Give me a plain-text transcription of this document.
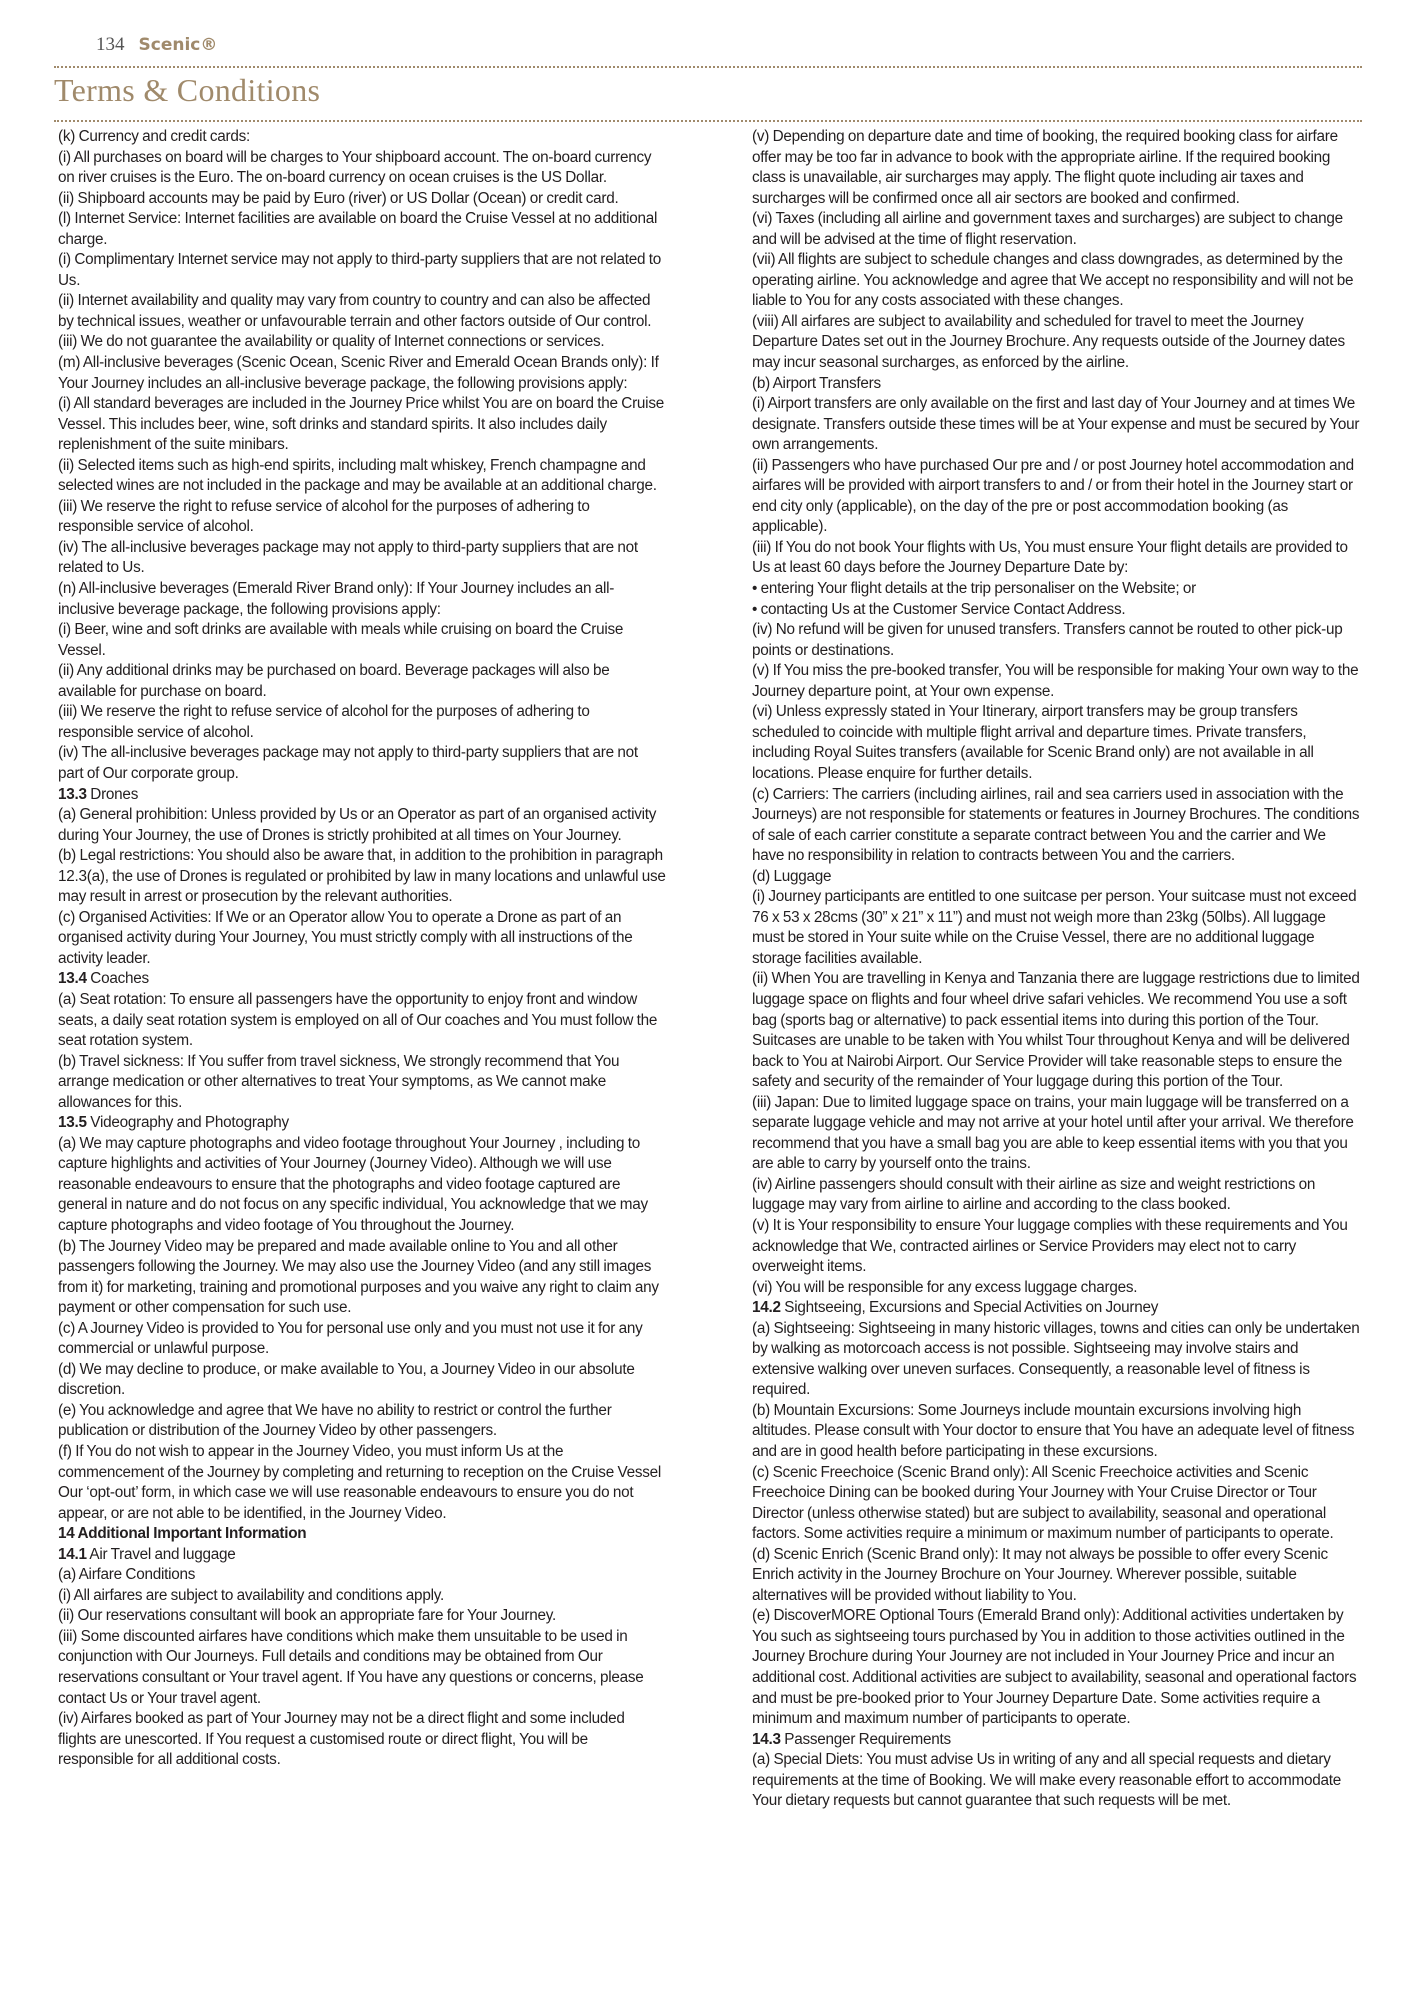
134 Scenic®
Terms & Conditions

(k) Currency and credit cards:

(i) All purchases on board will be charges to Your shipboard account. The on-board currency on river cruises is the Euro. The on-board currency on ocean cruises is the US Dollar.

(ii) Shipboard accounts may be paid by Euro (river) or US Dollar (Ocean) or credit card.

(l) Internet Service: Internet facilities are available on board the Cruise Vessel at no additional charge.

(i) Complimentary Internet service may not apply to third-party suppliers that are not related to Us.

(ii) Internet availability and quality may vary from country to country and can also be affected by technical issues, weather or unfavourable terrain and other factors outside of Our control.

(iii) We do not guarantee the availability or quality of Internet connections or services.

(m) All-inclusive beverages (Scenic Ocean, Scenic River and Emerald Ocean Brands only): If Your Journey includes an all-inclusive beverage package, the following provisions apply:

(i) All standard beverages are included in the Journey Price whilst You are on board the Cruise Vessel. This includes beer, wine, soft drinks and standard spirits. It also includes daily replenishment of the suite minibars.

(ii) Selected items such as high-end spirits, including malt whiskey, French champagne and selected wines are not included in the package and may be available at an additional charge.

(iii) We reserve the right to refuse service of alcohol for the purposes of adhering to responsible service of alcohol.

(iv) The all-inclusive beverages package may not apply to third-party suppliers that are not related to Us.

(n) All-inclusive beverages (Emerald River Brand only): If Your Journey includes an all-inclusive beverage package, the following provisions apply:

(i) Beer, wine and soft drinks are available with meals while cruising on board the Cruise Vessel.

(ii) Any additional drinks may be purchased on board. Beverage packages will also be available for purchase on board.

(iii) We reserve the right to refuse service of alcohol for the purposes of adhering to responsible service of alcohol.

(iv) The all-inclusive beverages package may not apply to third-party suppliers that are not part of Our corporate group.

13.3 Drones

(a) General prohibition: Unless provided by Us or an Operator as part of an organised activity during Your Journey, the use of Drones is strictly prohibited at all times on Your Journey.

(b) Legal restrictions: You should also be aware that, in addition to the prohibition in paragraph 12.3(a), the use of Drones is regulated or prohibited by law in many locations and unlawful use may result in arrest or prosecution by the relevant authorities.

(c) Organised Activities: If We or an Operator allow You to operate a Drone as part of an organised activity during Your Journey, You must strictly comply with all instructions of the activity leader.

13.4 Coaches

(a) Seat rotation: To ensure all passengers have the opportunity to enjoy front and window seats, a daily seat rotation system is employed on all of Our coaches and You must follow the seat rotation system.

(b) Travel sickness: If You suffer from travel sickness, We strongly recommend that You arrange medication or other alternatives to treat Your symptoms, as We cannot make allowances for this.

13.5 Videography and Photography

(a) We may capture photographs and video footage throughout Your Journey , including to capture highlights and activities of Your Journey (Journey Video). Although we will use reasonable endeavours to ensure that the photographs and video footage captured are general in nature and do not focus on any specific individual, You acknowledge that we may capture photographs and video footage of You throughout the Journey.

(b) The Journey Video may be prepared and made available online to You and all other passengers following the Journey. We may also use the Journey Video (and any still images from it) for marketing, training and promotional purposes and you waive any right to claim any payment or other compensation for such use.

(c) A Journey Video is provided to You for personal use only and you must not use it for any commercial or unlawful purpose.

(d) We may decline to produce, or make available to You, a Journey Video in our absolute discretion.

(e) You acknowledge and agree that We have no ability to restrict or control the further publication or distribution of the Journey Video by other passengers.

(f) If You do not wish to appear in the Journey Video, you must inform Us at the commencement of the Journey by completing and returning to reception on the Cruise Vessel Our ‘opt-out’ form, in which case we will use reasonable endeavours to ensure you do not appear, or are not able to be identified, in the Journey Video.

14 Additional Important Information

14.1 Air Travel and luggage

(a) Airfare Conditions

(i) All airfares are subject to availability and conditions apply.

(ii) Our reservations consultant will book an appropriate fare for Your Journey.

(iii) Some discounted airfares have conditions which make them unsuitable to be used in conjunction with Our Journeys. Full details and conditions may be obtained from Our reservations consultant or Your travel agent. If You have any questions or concerns, please contact Us or Your travel agent.

(iv) Airfares booked as part of Your Journey may not be a direct flight and some included flights are unescorted. If You request a customised route or direct flight, You will be responsible for all additional costs.

(v) Depending on departure date and time of booking, the required booking class for airfare offer may be too far in advance to book with the appropriate airline. If the required booking class is unavailable, air surcharges may apply. The flight quote including air taxes and surcharges will be confirmed once all air sectors are booked and confirmed.

(vi) Taxes (including all airline and government taxes and surcharges) are subject to change and will be advised at the time of flight reservation.

(vii) All flights are subject to schedule changes and class downgrades, as determined by the operating airline. You acknowledge and agree that We accept no responsibility and will not be liable to You for any costs associated with these changes.

(viii) All airfares are subject to availability and scheduled for travel to meet the Journey Departure Dates set out in the Journey Brochure. Any requests outside of the Journey dates may incur seasonal surcharges, as enforced by the airline.

(b) Airport Transfers

(i) Airport transfers are only available on the first and last day of Your Journey and at times We designate. Transfers outside these times will be at Your expense and must be secured by Your own arrangements.

(ii) Passengers who have purchased Our pre and / or post Journey hotel accommodation and airfares will be provided with airport transfers to and / or from their hotel in the Journey start or end city only (applicable), on the day of the pre or post accommodation booking (as applicable).

(iii) If You do not book Your flights with Us, You must ensure Your flight details are provided to Us at least 60 days before the Journey Departure Date by:

• entering Your flight details at the trip personaliser on the Website; or

• contacting Us at the Customer Service Contact Address.

(iv) No refund will be given for unused transfers. Transfers cannot be routed to other pick-up points or destinations.

(v) If You miss the pre-booked transfer, You will be responsible for making Your own way to the Journey departure point, at Your own expense.

(vi) Unless expressly stated in Your Itinerary, airport transfers may be group transfers scheduled to coincide with multiple flight arrival and departure times. Private transfers, including Royal Suites transfers (available for Scenic Brand only) are not available in all locations. Please enquire for further details.

(c) Carriers: The carriers (including airlines, rail and sea carriers used in association with the Journeys) are not responsible for statements or features in Journey Brochures. The conditions of sale of each carrier constitute a separate contract between You and the carrier and We have no responsibility in relation to contracts between You and the carriers.

(d) Luggage

(i) Journey participants are entitled to one suitcase per person. Your suitcase must not exceed 76 x 53 x 28cms (30” x 21” x 11”) and must not weigh more than 23kg (50lbs). All luggage must be stored in Your suite while on the Cruise Vessel, there are no additional luggage storage facilities available.

(ii) When You are travelling in Kenya and Tanzania there are luggage restrictions due to limited luggage space on flights and four wheel drive safari vehicles. We recommend You use a soft bag (sports bag or alternative) to pack essential items into during this portion of the Tour. Suitcases are unable to be taken with You whilst Tour throughout Kenya and will be delivered back to You at Nairobi Airport. Our Service Provider will take reasonable steps to ensure the safety and security of the remainder of Your luggage during this portion of the Tour.

(iii) Japan: Due to limited luggage space on trains, your main luggage will be transferred on a separate luggage vehicle and may not arrive at your hotel until after your arrival. We therefore recommend that you have a small bag you are able to keep essential items with you that you are able to carry by yourself onto the trains.

(iv) Airline passengers should consult with their airline as size and weight restrictions on luggage may vary from airline to airline and according to the class booked.

(v) It is Your responsibility to ensure Your luggage complies with these requirements and You acknowledge that We, contracted airlines or Service Providers may elect not to carry overweight items.

(vi) You will be responsible for any excess luggage charges.

14.2 Sightseeing, Excursions and Special Activities on Journey

(a) Sightseeing: Sightseeing in many historic villages, towns and cities can only be undertaken by walking as motorcoach access is not possible. Sightseeing may involve stairs and extensive walking over uneven surfaces. Consequently, a reasonable level of fitness is required.

(b) Mountain Excursions: Some Journeys include mountain excursions involving high altitudes. Please consult with Your doctor to ensure that You have an adequate level of fitness and are in good health before participating in these excursions.

(c) Scenic Freechoice (Scenic Brand only): All Scenic Freechoice activities and Scenic Freechoice Dining can be booked during Your Journey with Your Cruise Director or Tour Director (unless otherwise stated) but are subject to availability, seasonal and operational factors. Some activities require a minimum or maximum number of participants to operate.

(d) Scenic Enrich (Scenic Brand only): It may not always be possible to offer every Scenic Enrich activity in the Journey Brochure on Your Journey. Wherever possible, suitable alternatives will be provided without liability to You.

(e) DiscoverMORE Optional Tours (Emerald Brand only): Additional activities undertaken by You such as sightseeing tours purchased by You in addition to those activities outlined in the Journey Brochure during Your Journey are not included in Your Journey Price and incur an additional cost. Additional activities are subject to availability, seasonal and operational factors and must be pre-booked prior to Your Journey Departure Date. Some activities require a minimum and maximum number of participants to operate.

14.3 Passenger Requirements

(a) Special Diets: You must advise Us in writing of any and all special requests and dietary requirements at the time of Booking. We will make every reasonable effort to accommodate Your dietary requests but cannot guarantee that such requests will be met.
